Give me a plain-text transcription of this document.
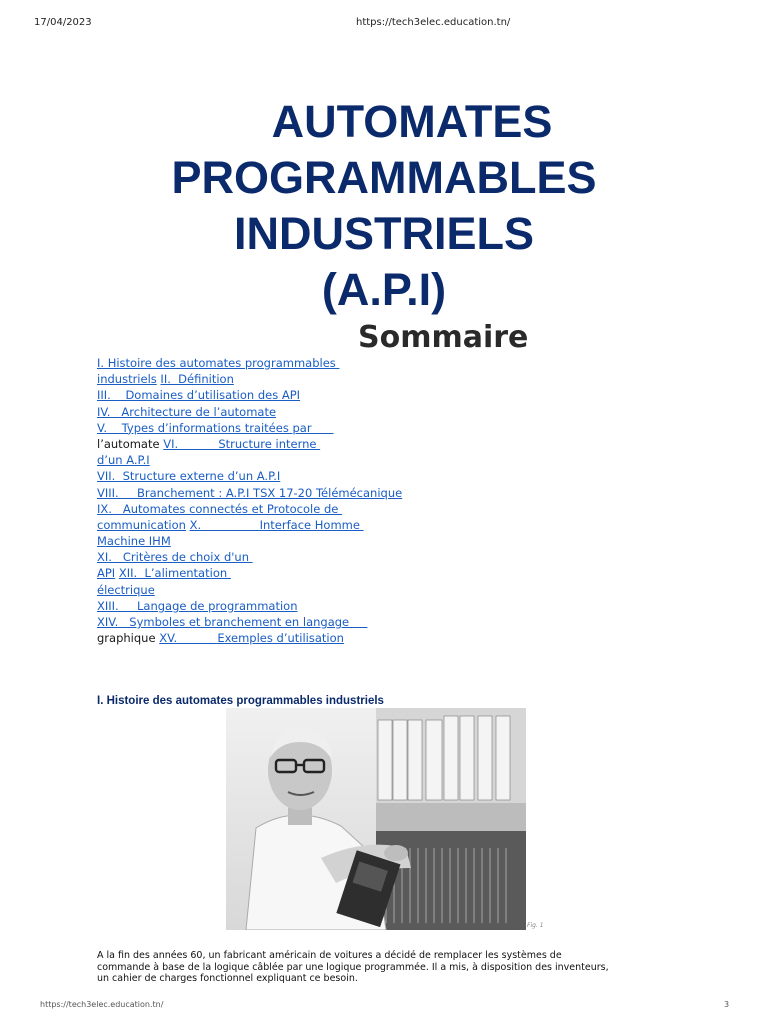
17/04/2023	https://tech3elec.education.tn/
AUTOMATES
PROGRAMMABLES
INDUSTRIELS
(A.P.I)
Sommaire
I. Histoire des automates programmables
industriels II.  Définition
III.    Domaines d’utilisation des API
IV.   Architecture de l’automate
V.    Types d’informations traitées par
l’automate VI.           Structure interne
d’un A.P.I
VII.  Structure externe d’un A.P.I
VIII.     Branchement : A.P.I TSX 17-20 Télémécanique
IX.   Automates connectés et Protocole de
communication X.                Interface Homme
Machine IHM
XI.   Critères de choix d'un
API XII.  L’alimentation
électrique
XIII.     Langage de programmation
XIV.   Symboles et branchement en langage
graphique XV.           Exemples d’utilisation
I. Histoire des automates programmables industriels
Fig. 1
A la fin des années 60, un fabricant américain de voitures a décidé de remplacer les systèmes de
commande à base de la logique câblée par une logique programmée. Il a mis, à disposition des inventeurs,
un cahier de charges fonctionnel expliquant ce besoin.
https://tech3elec.education.tn/	3
